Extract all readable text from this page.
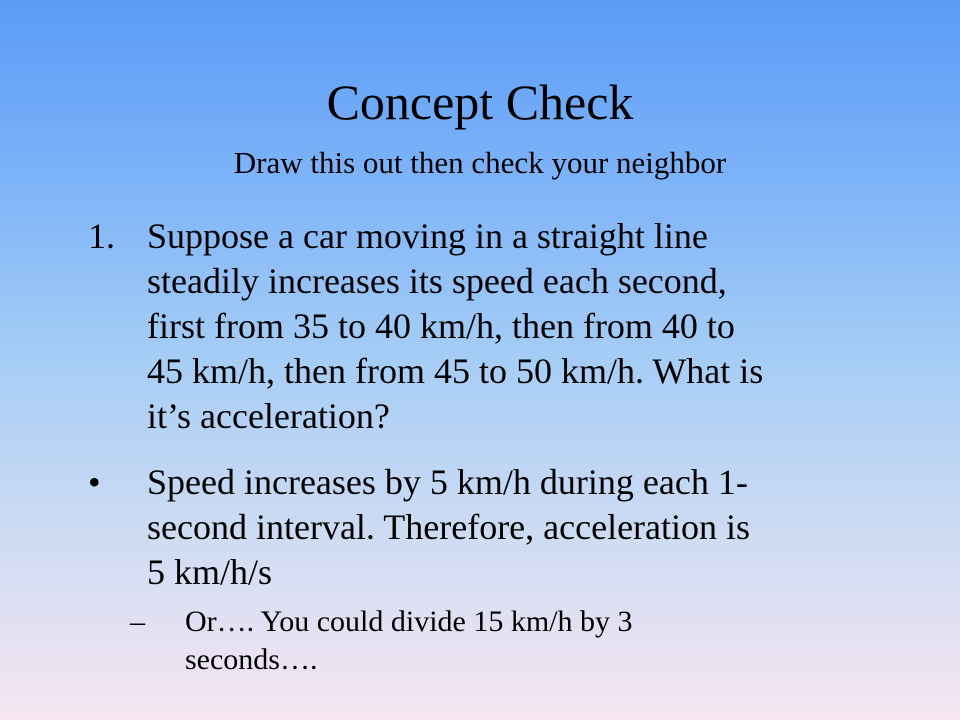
Concept Check
Draw this out then check your neighbor
1. Suppose a car moving in a straight line
steadily increases its speed each second,
first from 35 to 40 km/h, then from 40 to
45 km/h, then from 45 to 50 km/h. What is
it’s acceleration?
• Speed increases by 5 km/h during each 1-
second interval. Therefore, acceleration is
5 km/h/s
– Or…. You could divide 15 km/h by 3
seconds….
